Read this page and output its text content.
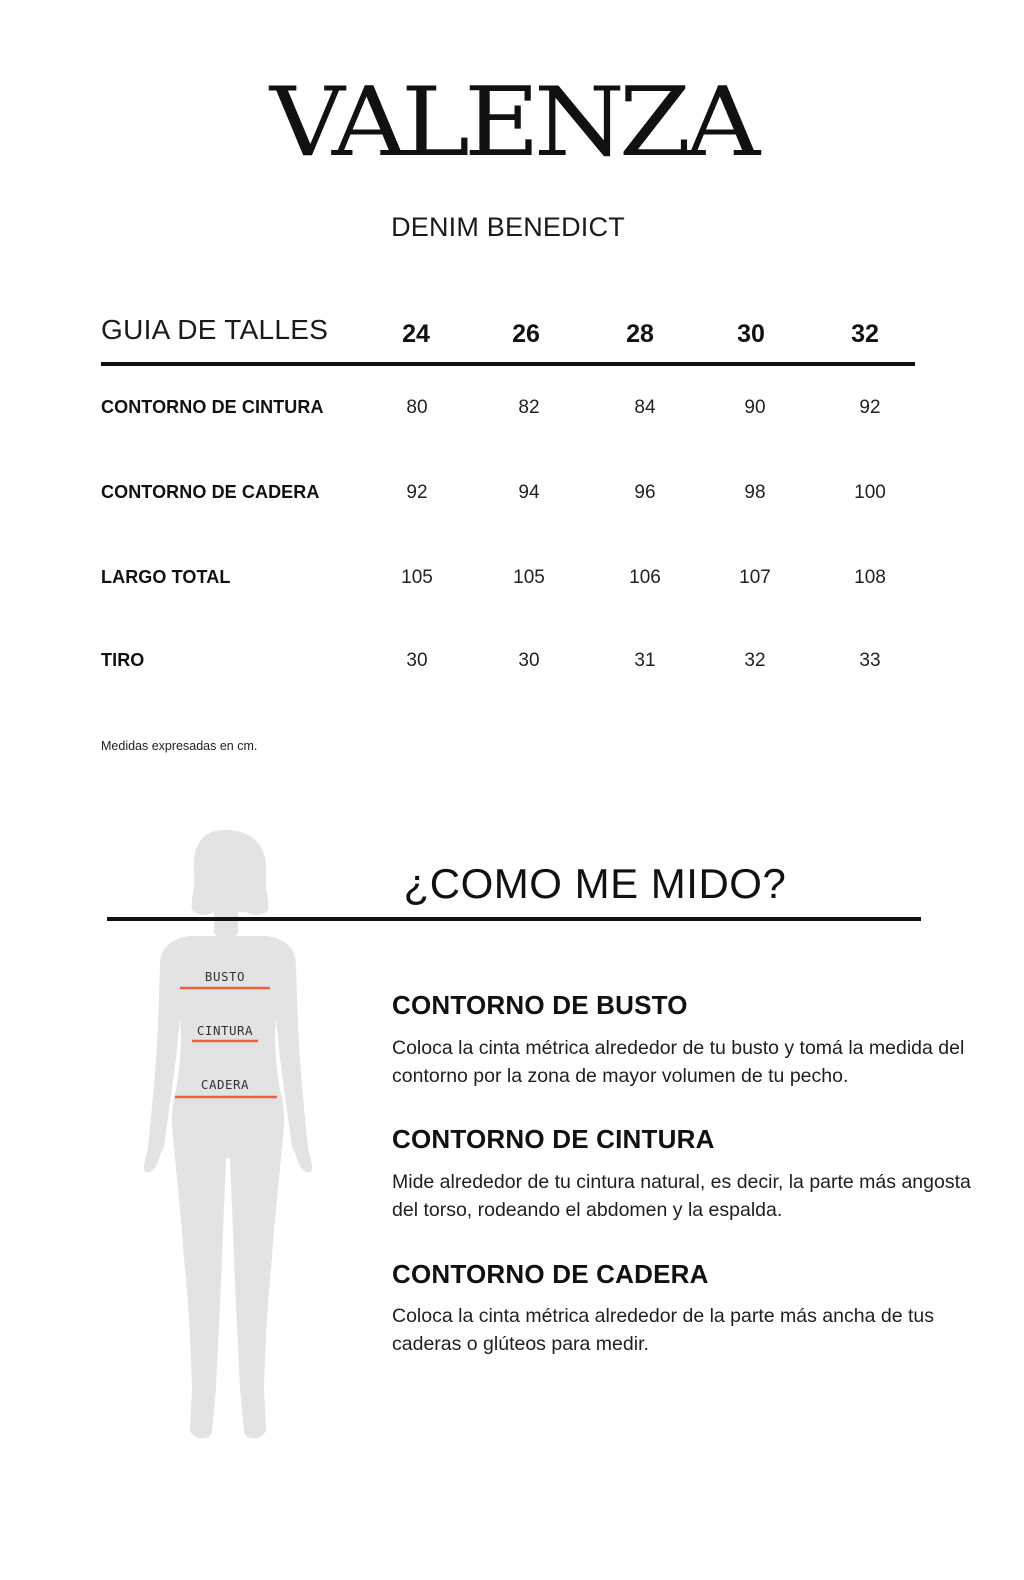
VALENZA
DENIM BENEDICT
GUIA DE TALLES	24	26	28	30	32
CONTORNO DE CINTURA	80	82	84	90	92
CONTORNO DE CADERA	92	94	96	98	100
LARGO TOTAL	105	105	106	107	108
TIRO	30	30	31	32	33
Medidas expresadas en cm.
BUSTO
CINTURA
CADERA
¿COMO ME MIDO?
CONTORNO DE BUSTO
Coloca la cinta métrica alrededor de tu busto y tomá la medida del contorno por la zona de mayor volumen de tu pecho.
CONTORNO DE CINTURA
Mide alrededor de tu cintura natural, es decir, la parte más angosta del torso, rodeando el abdomen y la espalda.
CONTORNO DE CADERA
Coloca la cinta métrica alrededor de la parte más ancha de tus caderas o glúteos para medir.
